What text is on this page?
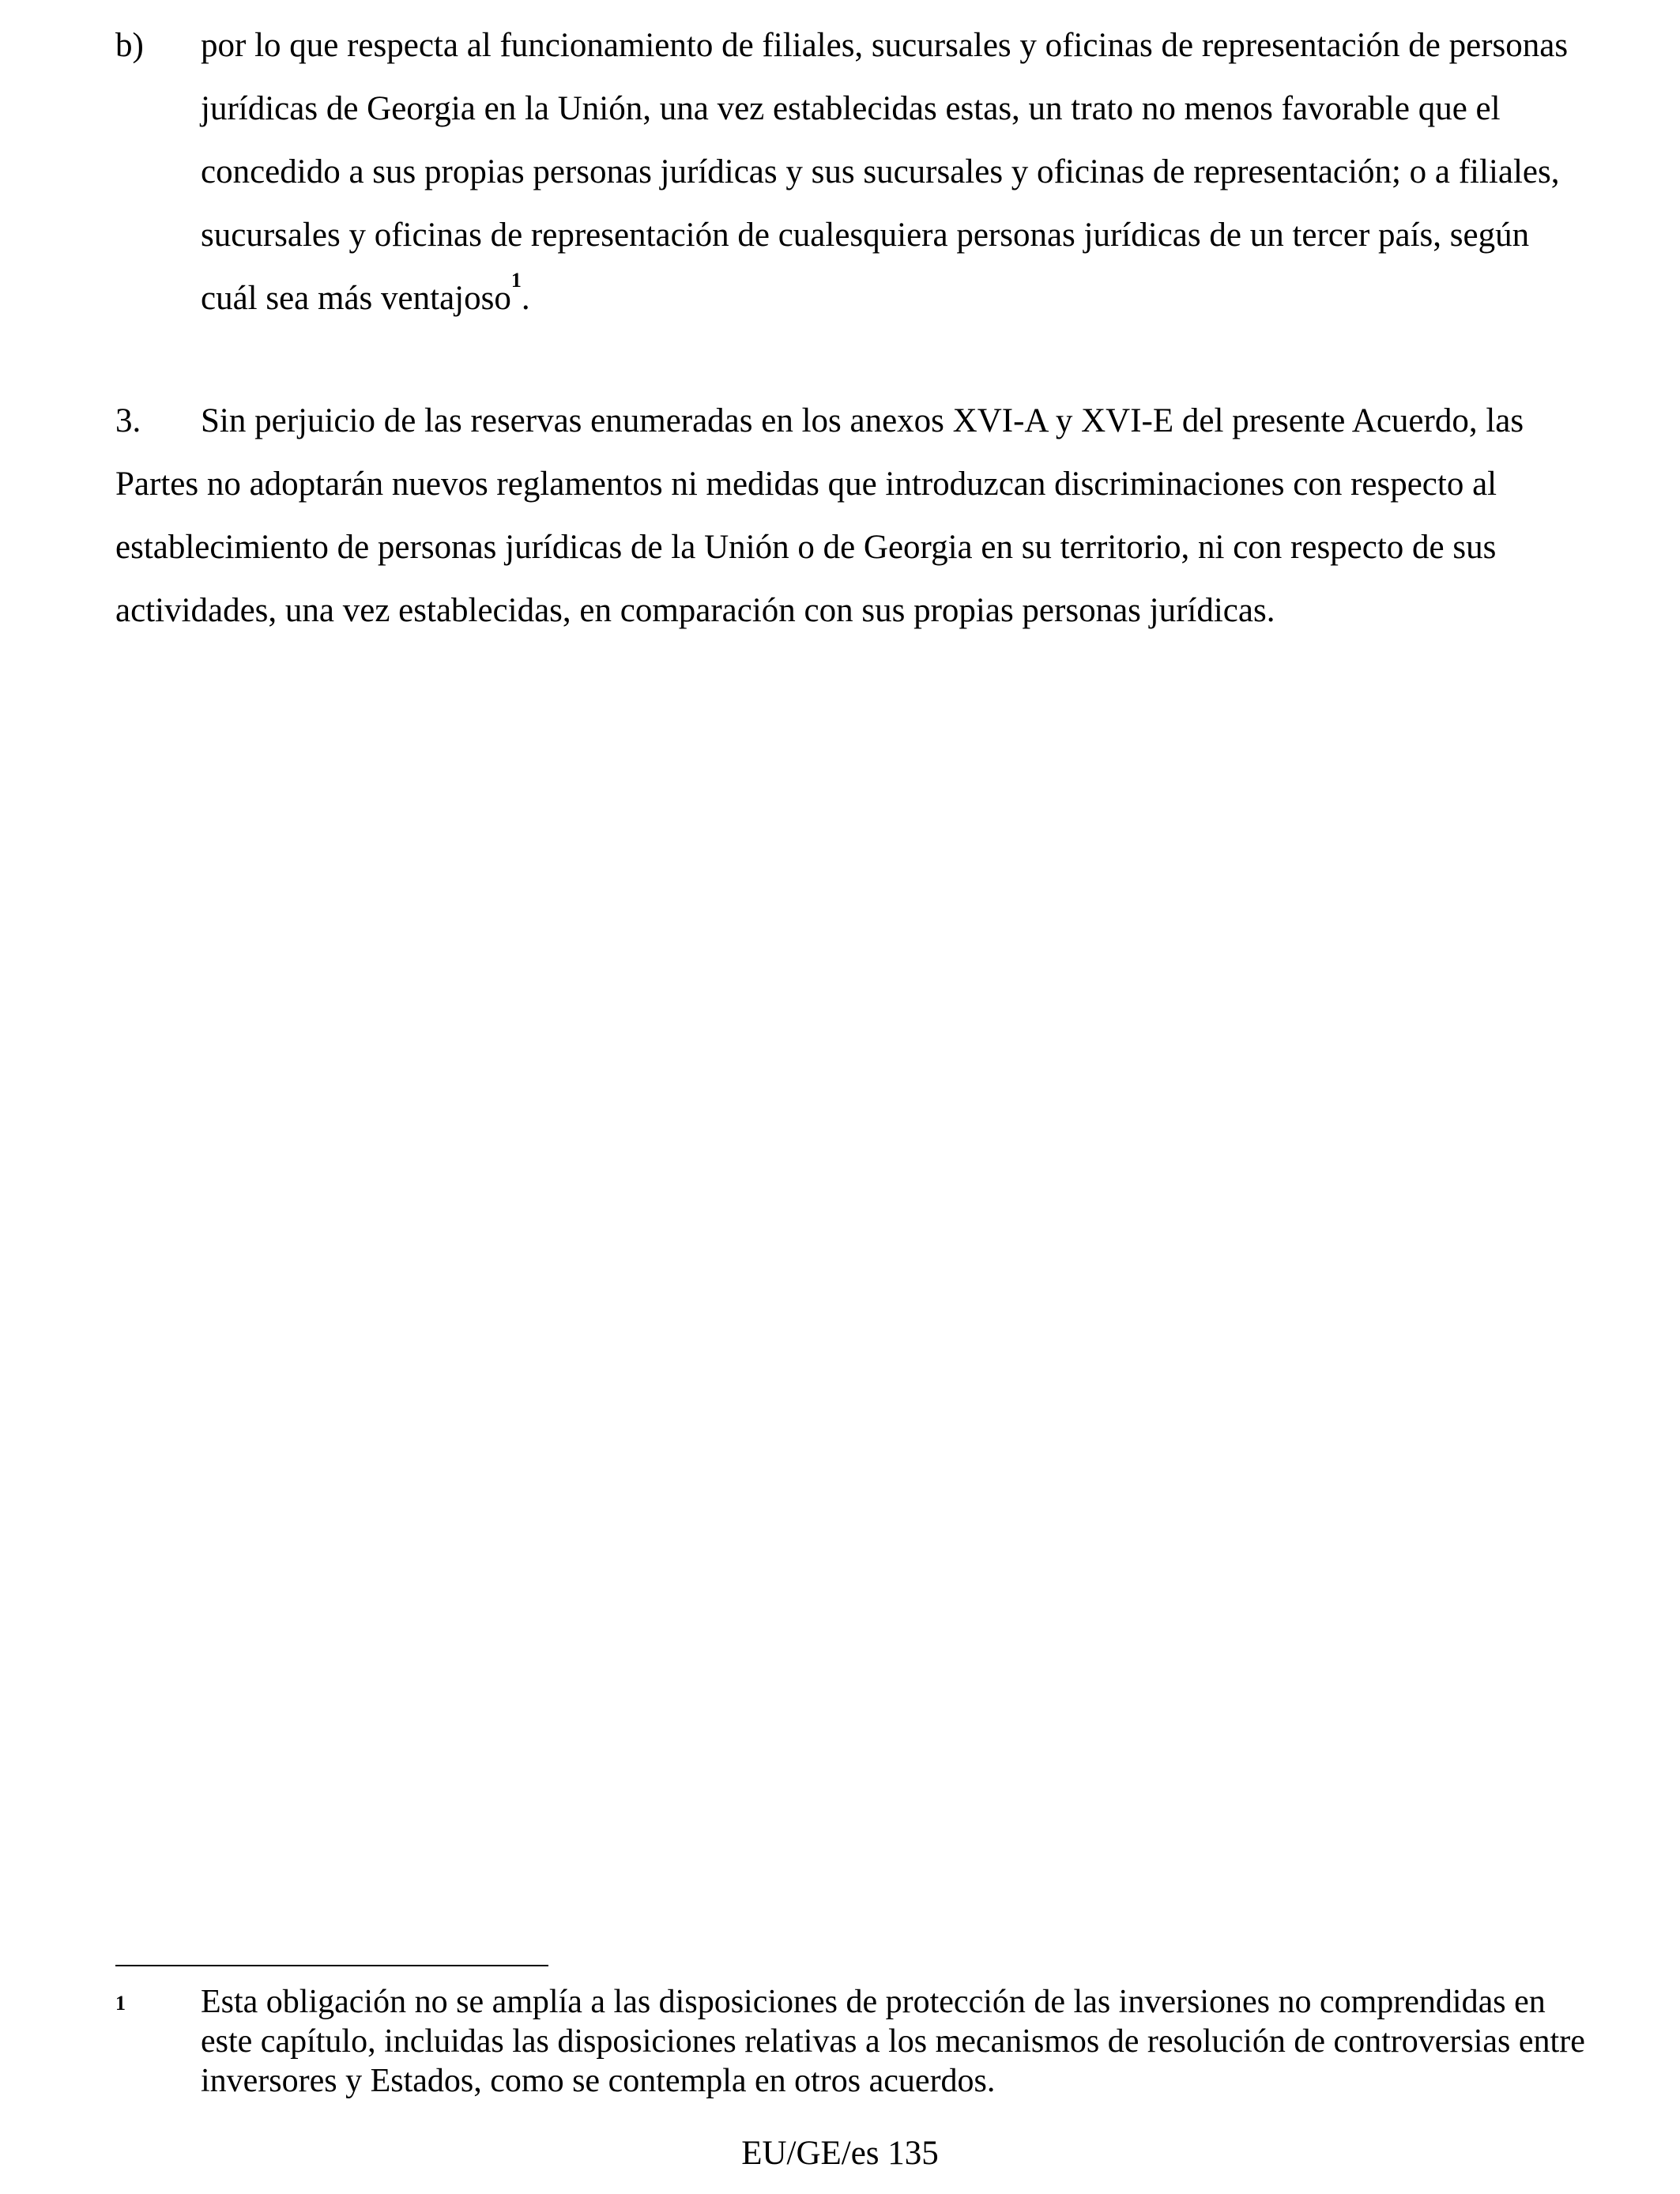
b) por lo que respecta al funcionamiento de filiales, sucursales y oficinas de representación de personas jurídicas de Georgia en la Unión, una vez establecidas estas, un trato no menos favorable que el concedido a sus propias personas jurídicas y sus sucursales y oficinas de representación; o a filiales, sucursales y oficinas de representación de cualesquiera personas jurídicas de un tercer país, según cuál sea más ventajoso$^1$.
3. Sin perjuicio de las reservas enumeradas en los anexos XVI-A y XVI-E del presente Acuerdo, las Partes no adoptarán nuevos reglamentos ni medidas que introduzcan discriminaciones con respecto al establecimiento de personas jurídicas de la Unión o de Georgia en su territorio, ni con respecto de sus actividades, una vez establecidas, en comparación con sus propias personas jurídicas.
1 Esta obligación no se amplía a las disposiciones de protección de las inversiones no comprendidas en este capítulo, incluidas las disposiciones relativas a los mecanismos de resolución de controversias entre inversores y Estados, como se contempla en otros acuerdos.
EU/GE/es 135
